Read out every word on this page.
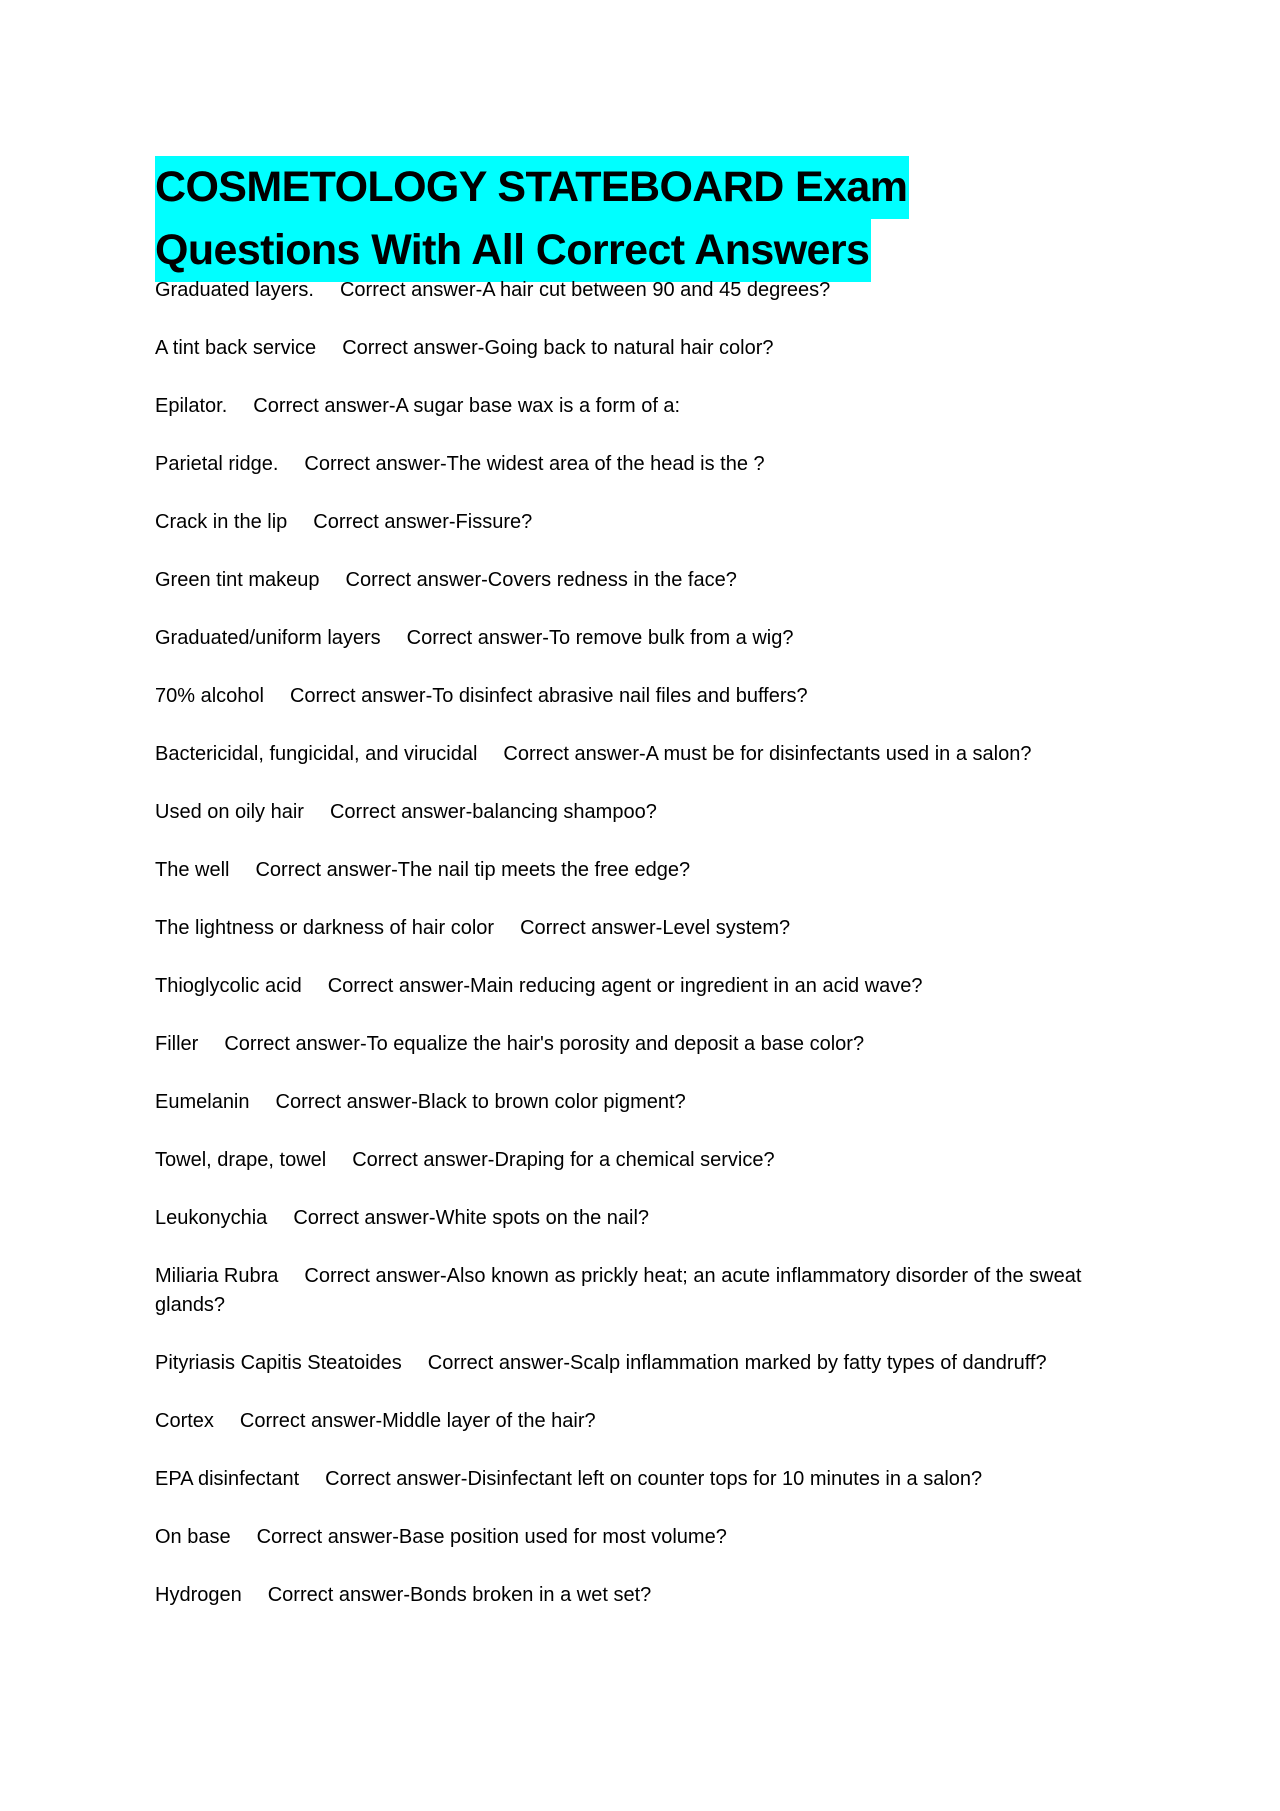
COSMETOLOGY STATEBOARD Exam
Questions With All Correct Answers
Graduated layers. Correct answer-A hair cut between 90 and 45 degrees?
A tint back service Correct answer-Going back to natural hair color?
Epilator. Correct answer-A sugar base wax is a form of a:
Parietal ridge. Correct answer-The widest area of the head is the ?
Crack in the lip Correct answer-Fissure?
Green tint makeup Correct answer-Covers redness in the face?
Graduated/uniform layers Correct answer-To remove bulk from a wig?
70% alcohol Correct answer-To disinfect abrasive nail files and buffers?
Bactericidal, fungicidal, and virucidal Correct answer-A must be for disinfectants used in a salon?
Used on oily hair Correct answer-balancing shampoo?
The well Correct answer-The nail tip meets the free edge?
The lightness or darkness of hair color Correct answer-Level system?
Thioglycolic acid Correct answer-Main reducing agent or ingredient in an acid wave?
Filler Correct answer-To equalize the hair's porosity and deposit a base color?
Eumelanin Correct answer-Black to brown color pigment?
Towel, drape, towel Correct answer-Draping for a chemical service?
Leukonychia Correct answer-White spots on the nail?
Miliaria Rubra Correct answer-Also known as prickly heat; an acute inflammatory disorder of the sweat glands?
Pityriasis Capitis Steatoides Correct answer-Scalp inflammation marked by fatty types of dandruff?
Cortex Correct answer-Middle layer of the hair?
EPA disinfectant Correct answer-Disinfectant left on counter tops for 10 minutes in a salon?
On base Correct answer-Base position used for most volume?
Hydrogen Correct answer-Bonds broken in a wet set?
